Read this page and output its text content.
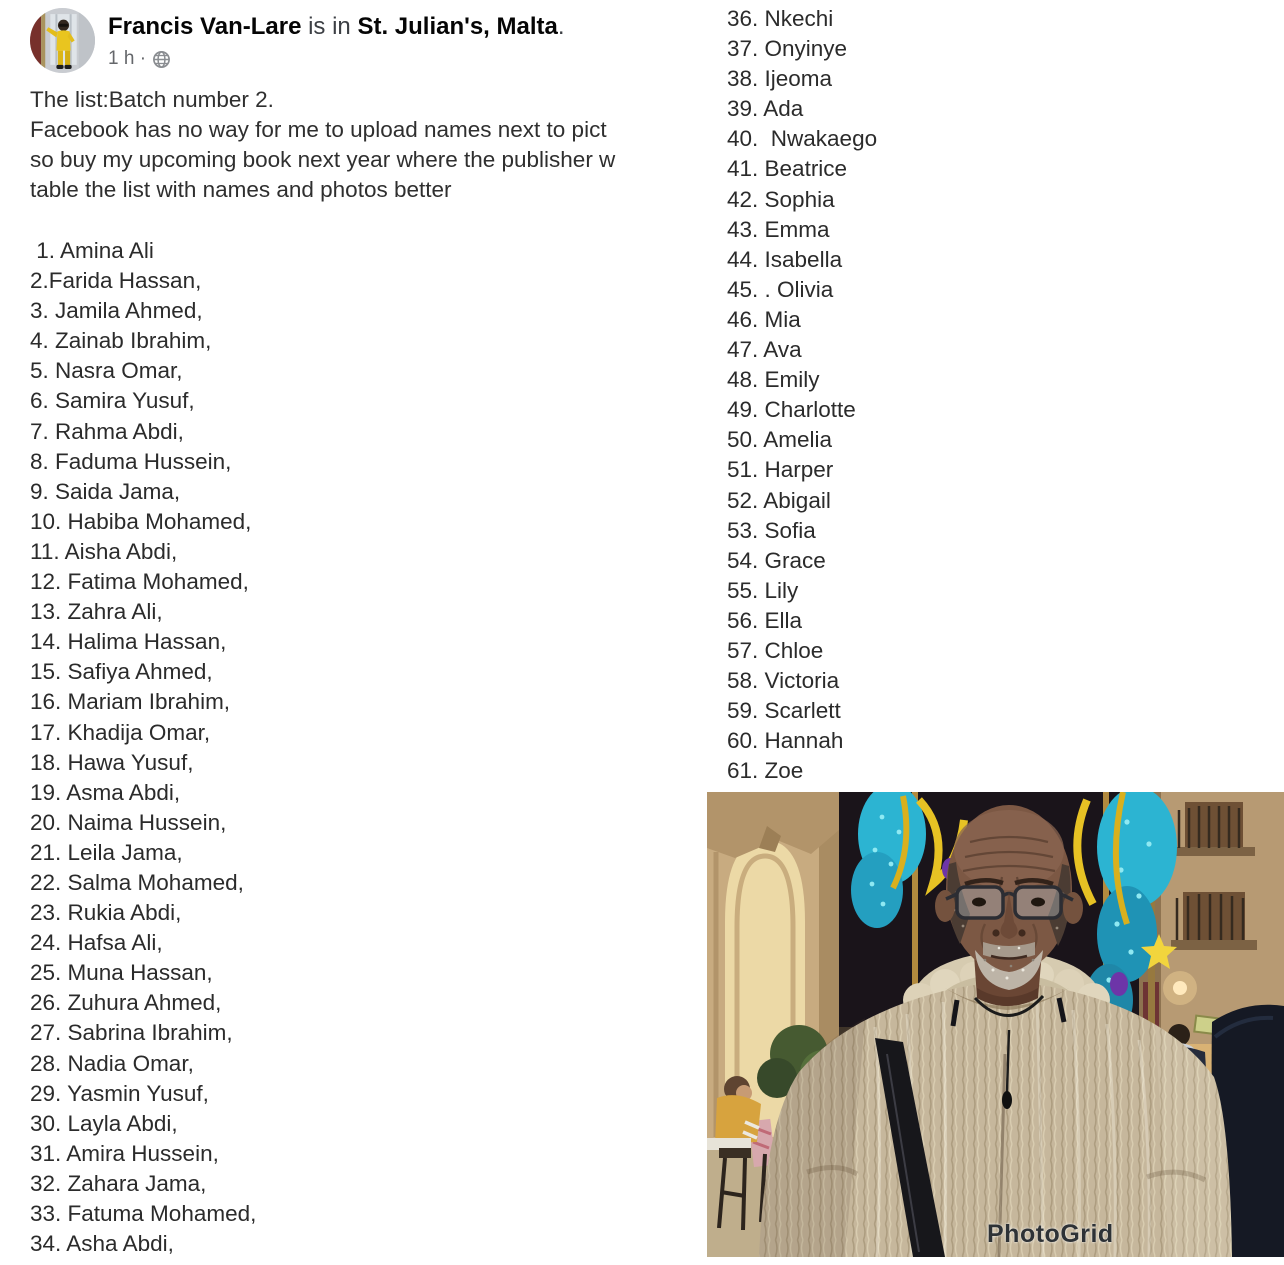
Francis Van-Lare is in St. Julian's, Malta.
1 h ·
The list:Batch number 2.
Facebook has no way for me to upload names next to pict
so buy my upcoming book next year where the publisher w
table the list with names and photos better
1. Amina Ali
2.Farida Hassan,
3. Jamila Ahmed,
4. Zainab Ibrahim,
5. Nasra Omar,
6. Samira Yusuf,
7. Rahma Abdi,
8. Faduma Hussein,
9. Saida Jama,
10. Habiba Mohamed,
11. Aisha Abdi,
12. Fatima Mohamed,
13. Zahra Ali,
14. Halima Hassan,
15. Safiya Ahmed,
16. Mariam Ibrahim,
17. Khadija Omar,
18. Hawa Yusuf,
19. Asma Abdi,
20. Naima Hussein,
21. Leila Jama,
22. Salma Mohamed,
23. Rukia Abdi,
24. Hafsa Ali,
25. Muna Hassan,
26. Zuhura Ahmed,
27. Sabrina Ibrahim,
28. Nadia Omar,
29. Yasmin Yusuf,
30. Layla Abdi,
31. Amira Hussein,
32. Zahara Jama,
33. Fatuma Mohamed,
34. Asha Abdi,
36. Nkechi
37. Onyinye
38. Ijeoma
39. Ada
40.  Nwakaego
41. Beatrice
42. Sophia
43. Emma
44. Isabella
45. . Olivia
46. Mia
47. Ava
48. Emily
49. Charlotte
50. Amelia
51. Harper
52. Abigail
53. Sofia
54. Grace
55. Lily
56. Ella
57. Chloe
58. Victoria
59. Scarlett
60. Hannah
61. Zoe
PhotoGrid
